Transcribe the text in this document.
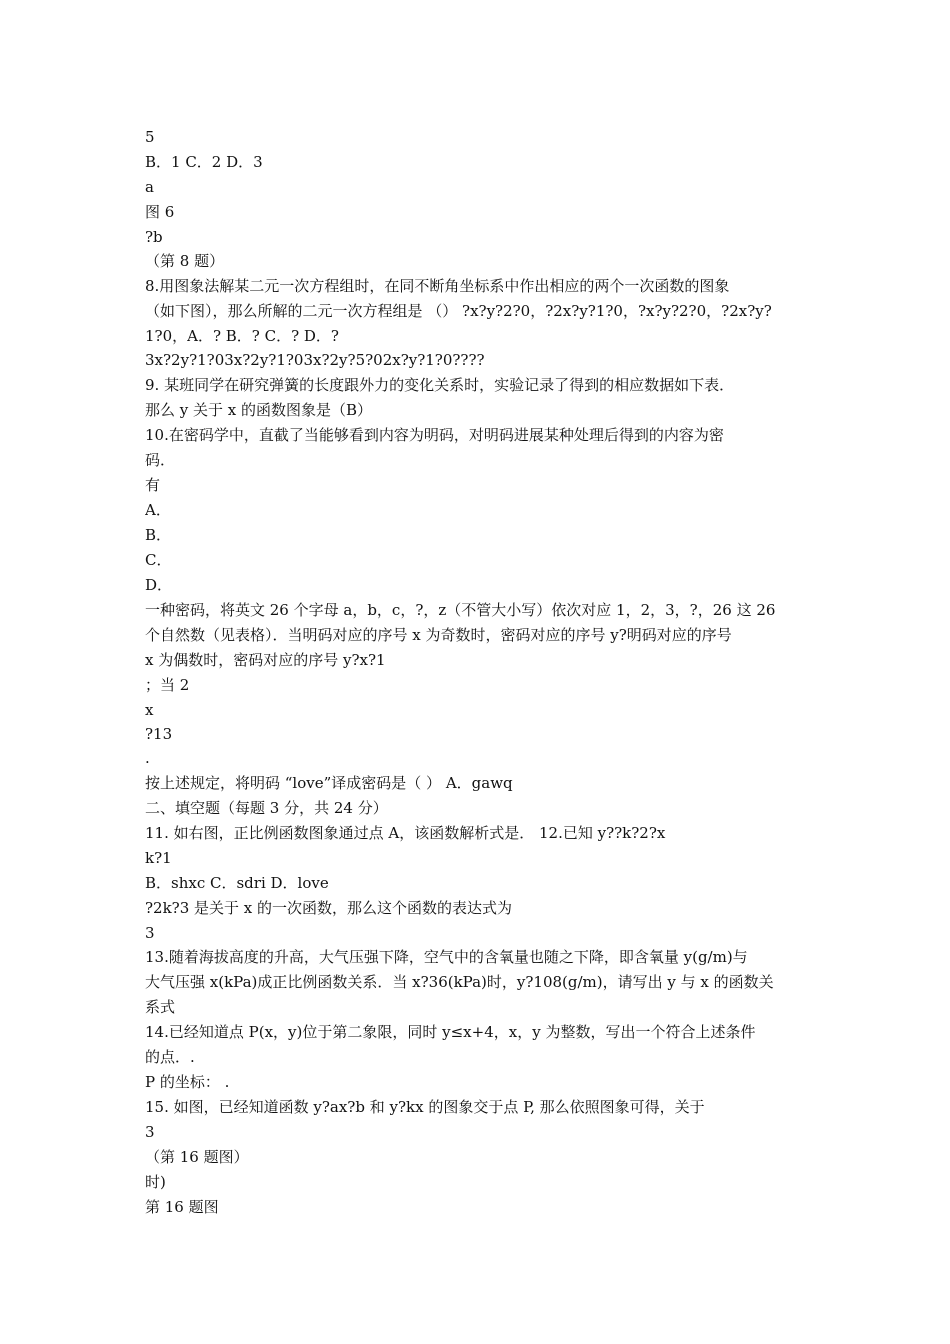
5
B．1 C．2 D．3
a
图 6
?b
（第 8 题）
8.用图象法解某二元一次方程组时，在同不断角坐标系中作出相应的两个一次函数的图象
（如下图），那么所解的二元一次方程组是 （） ?x?y?2?0，?2x?y?1?0，?x?y?2?0，?2x?y?
1?0，A．? B．? C．? D．?
3x?2y?1?03x?2y?1?03x?2y?5?02x?y?1?0????
9. 某班同学在研究弹簧的长度跟外力的变化关系时，实验记录了得到的相应数据如下表．
那么 y 关于 x 的函数图象是（B）
10.在密码学中，直截了当能够看到内容为明码，对明码进展某种处理后得到的内容为密
码．
有
A．
B．
C．
D．
一种密码，将英文 26 个字母 a，b，c，?，z（不管大小写）依次对应 1，2，3，?，26 这 26
个自然数（见表格）．当明码对应的序号 x 为奇数时，密码对应的序号 y?明码对应的序号
x 为偶数时，密码对应的序号 y?x?1
；当 2
x
?13
.
按上述规定，将明码 “love”译成密码是（ ） A．gawq
二、填空题（每题 3 分，共 24 分）
11. 如右图，正比例函数图象通过点 A，该函数解析式是． 12.已知 y??k?2?x
k?1
B．shxc C．sdri D．love
?2k?3 是关于 x 的一次函数，那么这个函数的表达式为
3
13.随着海拔高度的升高，大气压强下降，空气中的含氧量也随之下降，即含氧量 y(g/m)与
大气压强 x(kPa)成正比例函数关系．当 x?36(kPa)时，y?108(g/m)，请写出 y 与 x 的函数关
系式
14.已经知道点 P(x，y)位于第二象限，同时 y≤x+4，x，y 为整数，写出一个符合上述条件
的点．.
P 的坐标： .
15. 如图，已经知道函数 y?ax?b 和 y?kx 的图象交于点 P, 那么依照图象可得，关于
3
（第 16 题图）
时)
第 16 题图
